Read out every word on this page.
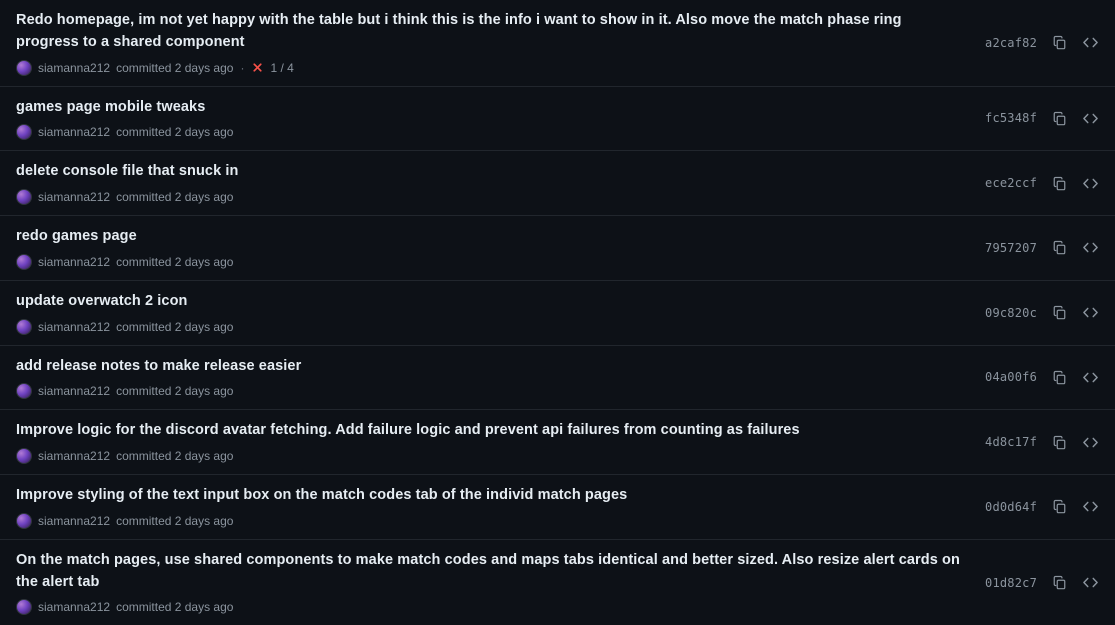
Redo homepage, im not yet happy with the table but i think this is the info i want to show in it. Also move the match phase ring progress to a shared component
siamanna212 committed 2 days ago · 1 / 4
a2caf82
games page mobile tweaks
siamanna212 committed 2 days ago
fc5348f
delete console file that snuck in
siamanna212 committed 2 days ago
ece2ccf
redo games page
siamanna212 committed 2 days ago
7957207
update overwatch 2 icon
siamanna212 committed 2 days ago
09c820c
add release notes to make release easier
siamanna212 committed 2 days ago
04a00f6
Improve logic for the discord avatar fetching. Add failure logic and prevent api failures from counting as failures
siamanna212 committed 2 days ago
4d8c17f
Improve styling of the text input box on the match codes tab of the individ match pages
siamanna212 committed 2 days ago
0d0d64f
On the match pages, use shared components to make match codes and maps tabs identical and better sized. Also resize alert cards on the alert tab
siamanna212 committed 2 days ago
01d82c7
